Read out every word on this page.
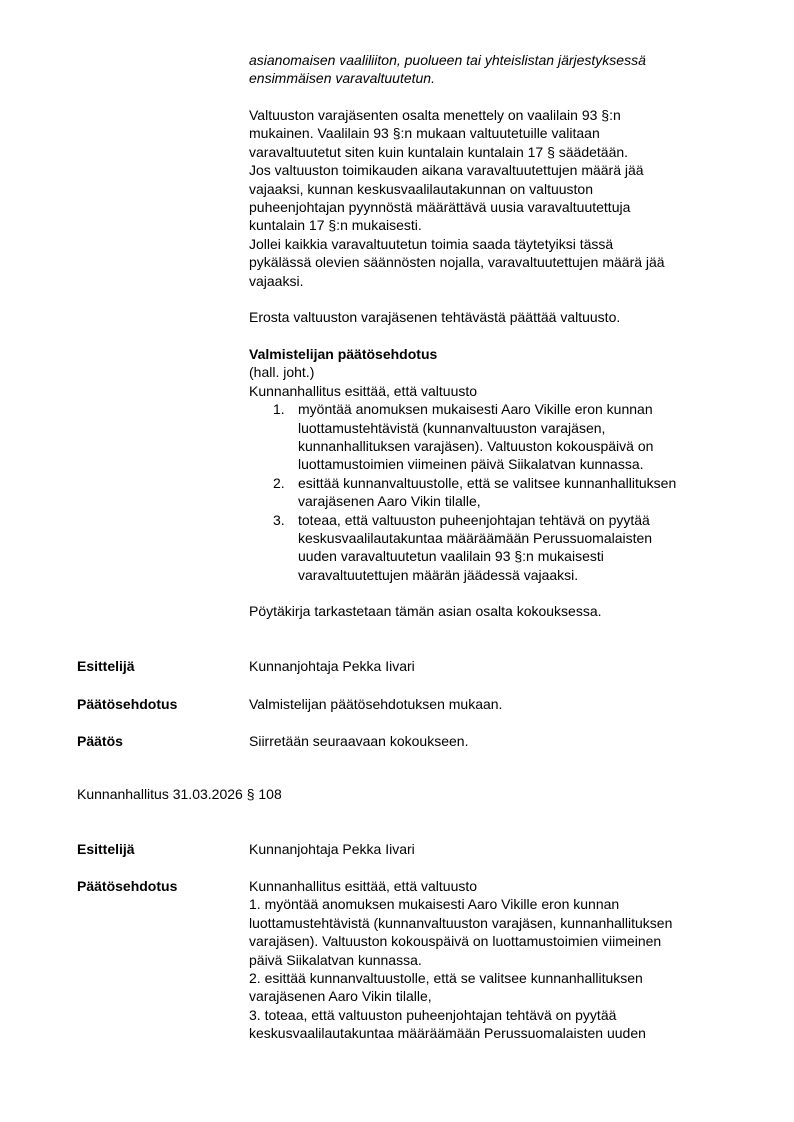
asianomaisen vaaliliiton, puolueen tai yhteislistan järjestyksessä

ensimmäisen varavaltuutetun.

Valtuuston varajäsenten osalta menettely on vaalilain 93 §:n

mukainen. Vaalilain 93 §:n mukaan valtuutetuille valitaan

varavaltuutetut siten kuin kuntalain kuntalain 17 § säädetään.

Jos valtuuston toimikauden aikana varavaltuutettujen määrä jää

vajaaksi, kunnan keskusvaalilautakunnan on valtuuston

puheenjohtajan pyynnöstä määrättävä uusia varavaltuutettuja

kuntalain 17 §:n mukaisesti.

Jollei kaikkia varavaltuutetun toimia saada täytetyiksi tässä

pykälässä olevien säännösten nojalla, varavaltuutettujen määrä jää

vajaaksi.

Erosta valtuuston varajäsenen tehtävästä päättää valtuusto.

Valmistelijan päätösehdotus

(hall. joht.)

Kunnanhallitus esittää, että valtuusto

1. myöntää anomuksen mukaisesti Aaro Vikille eron kunnan

luottamustehtävistä (kunnanvaltuuston varajäsen,

kunnanhallituksen varajäsen). Valtuuston kokouspäivä on

luottamustoimien viimeinen päivä Siikalatvan kunnassa.

2. esittää kunnanvaltuustolle, että se valitsee kunnanhallituksen

varajäsenen Aaro Vikin tilalle,

3. toteaa, että valtuuston puheenjohtajan tehtävä on pyytää

keskusvaalilautakuntaa määräämään Perussuomalaisten

uuden varavaltuutetun vaalilain 93 §:n mukaisesti

varavaltuutettujen määrän jäädessä vajaaksi.

Pöytäkirja tarkastetaan tämän asian osalta kokouksessa.

Esittelijä	Kunnanjohtaja Pekka Iivari
Päätösehdotus	Valmistelijan päätösehdotuksen mukaan.
Päätös	Siirretään seuraavaan kokoukseen.
Kunnanhallitus 31.03.2026 § 108
Esittelijä	Kunnanjohtaja Pekka Iivari
Päätösehdotus	Kunnanhallitus esittää, että valtuusto

1. myöntää anomuksen mukaisesti Aaro Vikille eron kunnan

luottamustehtävistä (kunnanvaltuuston varajäsen, kunnanhallituksen

varajäsen). Valtuuston kokouspäivä on luottamustoimien viimeinen

päivä Siikalatvan kunnassa.

2. esittää kunnanvaltuustolle, että se valitsee kunnanhallituksen

varajäsenen Aaro Vikin tilalle,

3. toteaa, että valtuuston puheenjohtajan tehtävä on pyytää

keskusvaalilautakuntaa määräämään Perussuomalaisten uuden
